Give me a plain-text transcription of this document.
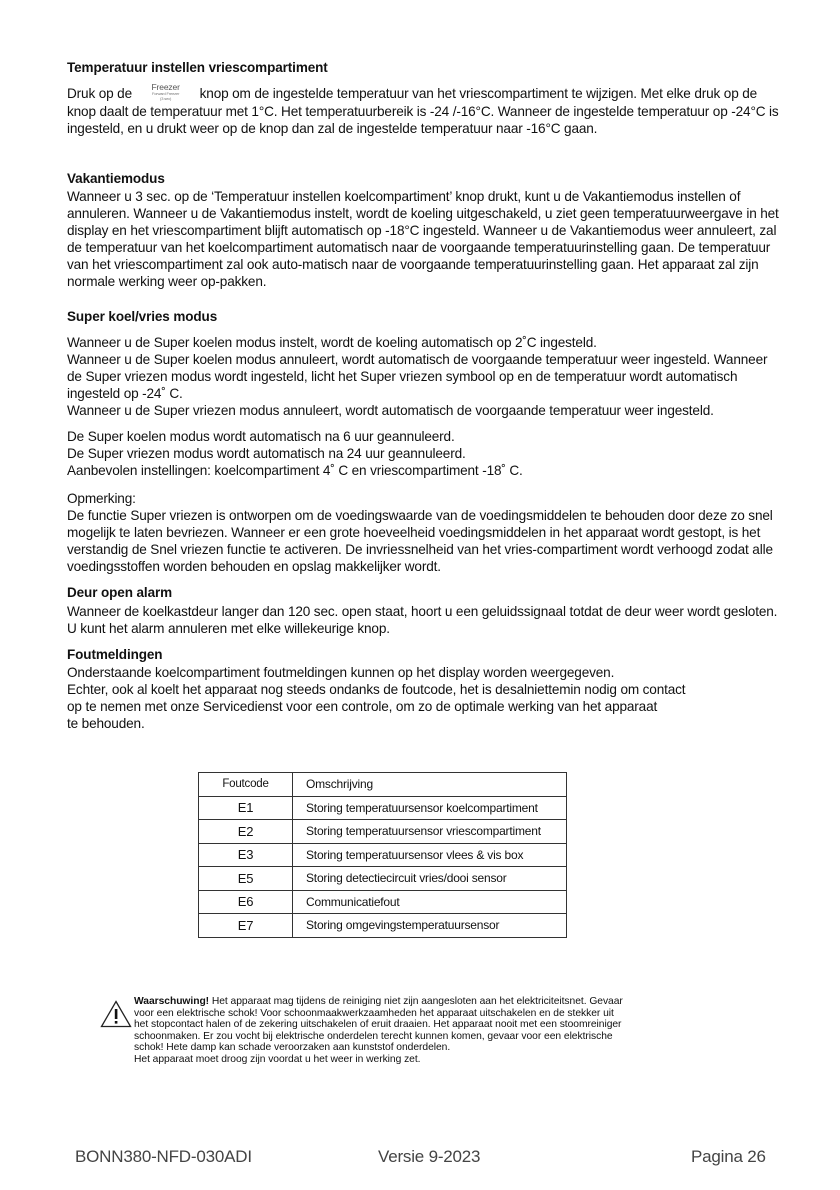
Temperatuur instellen vriescompartiment
Druk op de	Freezer
Forward Freezer
(3 sec)	knop om de ingestelde temperatuur van het vriescompartiment te wijzigen. Met elke druk op de knop daalt de temperatuur met 1°C. Het temperatuurbereik is -24 /-16°C. Wanneer de ingestelde temperatuur op -24°C is ingesteld, en u drukt weer op de knop dan zal de ingestelde temperatuur naar -16°C gaan.
Vakantiemodus
Wanneer u 3 sec. op de ‘Temperatuur instellen koelcompartiment’ knop drukt, kunt u de Vakantiemodus instellen of annuleren. Wanneer u de Vakantiemodus instelt, wordt de koeling uitgeschakeld, u ziet geen temperatuurweergave in het display en het vriescompartiment blijft automatisch op -18°C ingesteld. Wanneer u de Vakantiemodus weer annuleert, zal de temperatuur van het koelcompartiment automatisch naar de voorgaande temperatuurinstelling gaan. De temperatuur van het vriescompartiment zal ook auto-matisch naar de voorgaande temperatuurinstelling gaan. Het apparaat zal zijn normale werking weer op-pakken.
Super koel/vries modus

Wanneer u de Super koelen modus instelt, wordt de koeling automatisch op 2˚C ingesteld.

Wanneer u de Super koelen modus annuleert, wordt automatisch de voorgaande temperatuur weer ingesteld. Wanneer de Super vriezen modus wordt ingesteld, licht het Super vriezen symbool op en de temperatuur wordt automatisch ingesteld op -24˚ C.

Wanneer u de Super vriezen modus annuleert, wordt automatisch de voorgaande temperatuur weer ingesteld.

De Super koelen modus wordt automatisch na 6 uur geannuleerd.

De Super vriezen modus wordt automatisch na 24 uur geannuleerd.

Aanbevolen instellingen: koelcompartiment 4˚ C en vriescompartiment -18˚ C.

Opmerking:

De functie Super vriezen is ontworpen om de voedingswaarde van de voedingsmiddelen te behouden door deze zo snel mogelijk te laten bevriezen. Wanneer er een grote hoeveelheid voedingsmiddelen in het apparaat wordt gestopt, is het verstandig de Snel vriezen functie te activeren. De invriessnelheid van het vries-compartiment wordt verhoogd zodat alle voedingsstoffen worden behouden en opslag makkelijker wordt.

Deur open alarm
Wanneer de koelkastdeur langer dan 120 sec. open staat, hoort u een geluidssignaal totdat de deur weer wordt gesloten. U kunt het alarm annuleren met elke willekeurige knop.
Foutmeldingen

Onderstaande koelcompartiment foutmeldingen kunnen op het display worden weergegeven.

Echter, ook al koelt het apparaat nog steeds ondanks de foutcode, het is desalniettemin nodig om contact

op te nemen met onze Servicedienst voor een controle, om zo de optimale werking van het apparaat

te behouden.

Foutcode	Omschrijving
E1	Storing temperatuursensor koelcompartiment
E2	Storing temperatuursensor vriescompartiment
E3	Storing temperatuursensor vlees & vis box
E5	Storing detectiecircuit vries/dooi sensor
E6	Communicatiefout
E7	Storing omgevingstemperatuursensor

Waarschuwing! Het apparaat mag tijdens de reiniging niet zijn aangesloten aan het elektriciteitsnet. Gevaar

voor een elektrische schok! Voor schoonmaakwerkzaamheden het apparaat uitschakelen en de stekker uit

het stopcontact halen of de zekering uitschakelen of eruit draaien. Het apparaat nooit met een stoomreiniger

schoonmaken. Er zou vocht bij elektrische onderdelen terecht kunnen komen, gevaar voor een elektrische

schok! Hete damp kan schade veroorzaken aan kunststof onderdelen.

Het apparaat moet droog zijn voordat u het weer in werking zet.

BONN380-NFD-030ADI	Versie 9-2023	Pagina 26
